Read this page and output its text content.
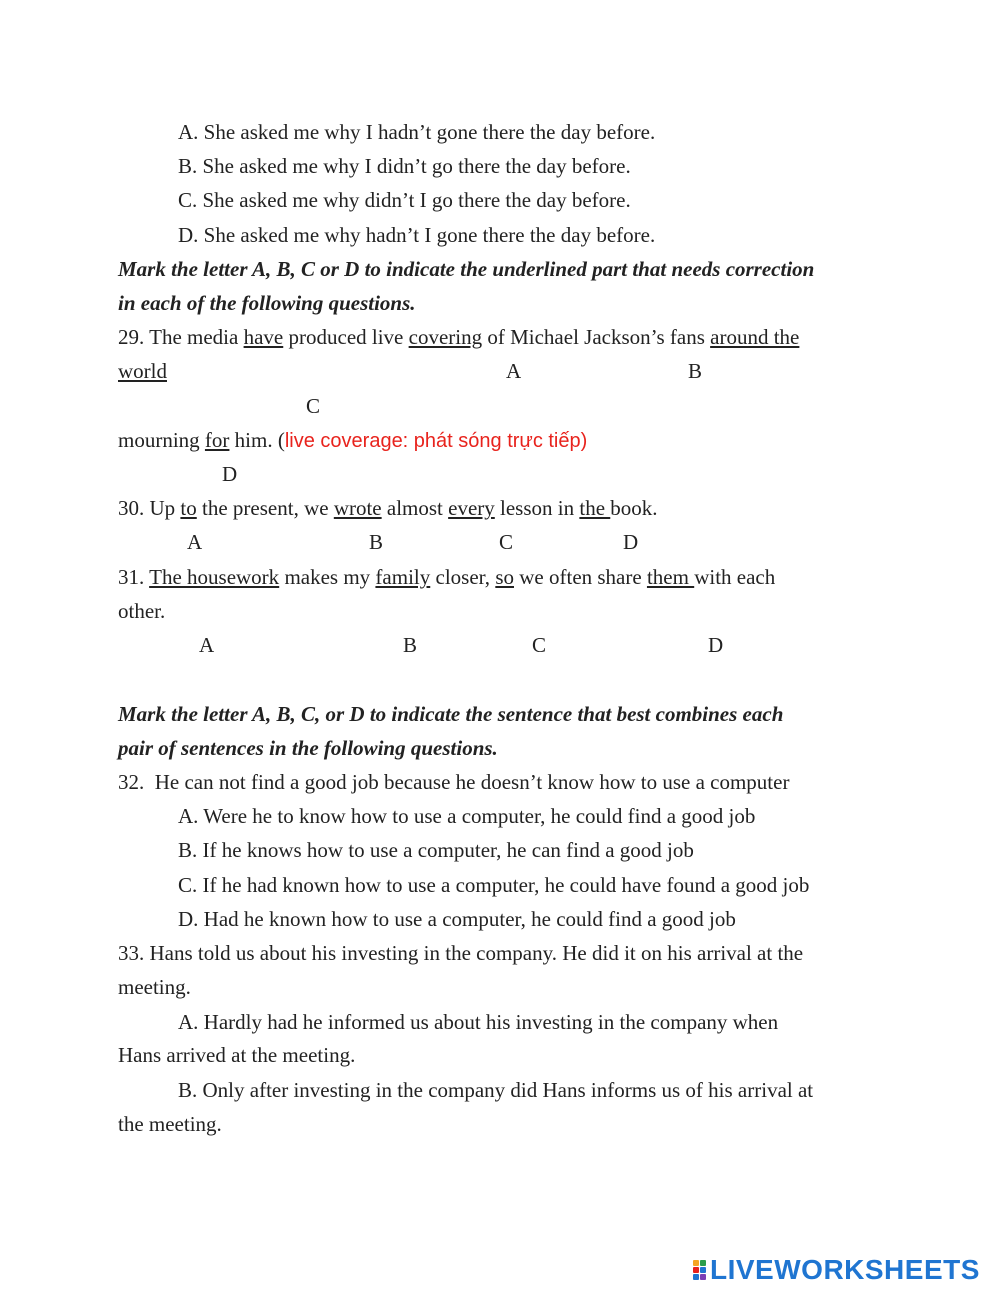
A. She asked me why I hadn’t gone there the day before.
B. She asked me why I didn’t go there the day before.
C. She asked me why didn’t I go there the day before.
D. She asked me why hadn’t I gone there the day before.
Mark the letter A, B, C or D to indicate the underlined part that needs correction
in each of the following questions.
29. The media have produced live covering of Michael Jackson’s fans around the
world	A	B
C
mourning for him. (live coverage: phát sóng trực tiếp)
D
30. Up to the present, we wrote almost every lesson in the book.
A	B	C	D
31. The housework makes my family closer, so we often share them with each
other.
A	B	C	D
Mark the letter A, B, C, or D to indicate the sentence that best combines each
pair of sentences in the following questions.
32.  He can not find a good job because he doesn’t know how to use a computer
A. Were he to know how to use a computer, he could find a good job
B. If he knows how to use a computer, he can find a good job
C. If he had known how to use a computer, he could have found a good job
D. Had he known how to use a computer, he could find a good job
33. Hans told us about his investing in the company. He did it on his arrival at the
meeting.
A. Hardly had he informed us about his investing in the company when
Hans arrived at the meeting.
B. Only after investing in the company did Hans informs us of his arrival at
the meeting.
LIVEWORKSHEETS
